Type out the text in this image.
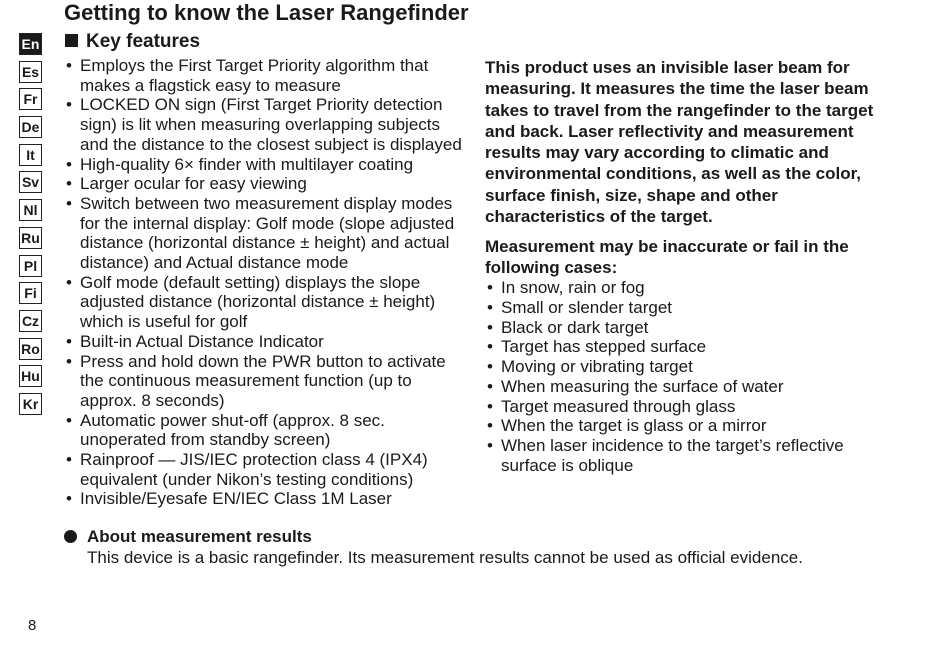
Getting to know the Laser Rangefinder
En
Es
Fr
De
It
Sv
Nl
Ru
Pl
Fi
Cz
Ro
Hu
Kr
Key features
• Employs the First Target Priority algorithm that
makes a flagstick easy to measure
• LOCKED ON sign (First Target Priority detection
sign) is lit when measuring overlapping subjects
and the distance to the closest subject is displayed
• High-quality 6× finder with multilayer coating
• Larger ocular for easy viewing
• Switch between two measurement display modes
for the internal display: Golf mode (slope adjusted
distance (horizontal distance ± height) and actual
distance) and Actual distance mode
• Golf mode (default setting) displays the slope
adjusted distance (horizontal distance ± height)
which is useful for golf
• Built-in Actual Distance Indicator
• Press and hold down the PWR button to activate
the continuous measurement function (up to
approx. 8 seconds)
• Automatic power shut-off (approx. 8 sec.
unoperated from standby screen)
• Rainproof — JIS/IEC protection class 4 (IPX4)
equivalent (under Nikon’s testing conditions)
• Invisible/Eyesafe EN/IEC Class 1M Laser

This product uses an invisible laser beam for
measuring. It measures the time the laser beam
takes to travel from the rangefinder to the target
and back. Laser reflectivity and measurement
results may vary according to climatic and
environmental conditions, as well as the color,
surface finish, size, shape and other
characteristics of the target.

Measurement may be inaccurate or fail in the
following cases:

• In snow, rain or fog
• Small or slender target
• Black or dark target
• Target has stepped surface
• Moving or vibrating target
• When measuring the surface of water
• Target measured through glass
• When the target is glass or a mirror
• When laser incidence to the target’s reflective
surface is oblique
About measurement results
This device is a basic rangefinder. Its measurement results cannot be used as official evidence.
8
